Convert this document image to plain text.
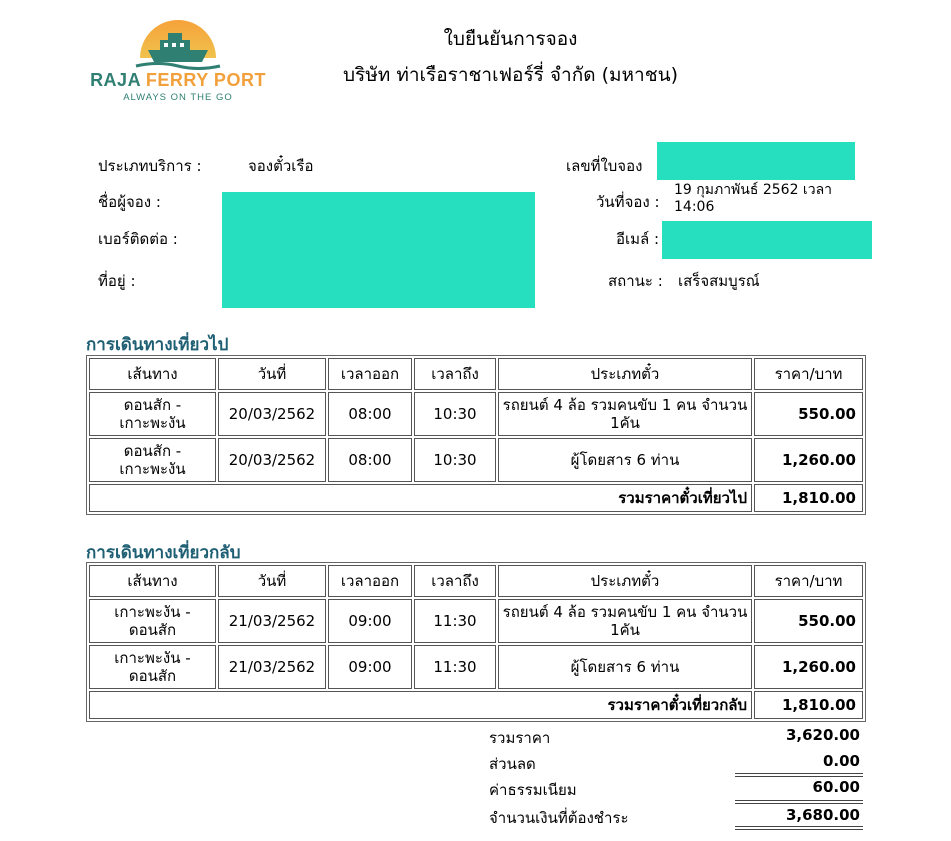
RAJA FERRY PORT
ALWAYS ON THE GO
ใบยืนยันการจอง
บริษัท ท่าเรือราชาเฟอร์รี่ จำกัด (มหาชน)
ประเภทบริการ :	จองตั๋วเรือ
ชื่อผู้จอง :
เบอร์ติดต่อ :
ที่อยู่ :
เลขที่ใบจอง
วันที่จอง :
19 กุมภาพันธ์ 2562 เวลา 14:06
อีเมล์ :
สถานะ : เสร็จสมบูรณ์
การเดินทางเที่ยวไป
เส้นทาง	วันที่	เวลาออก	เวลาถึง	ประเภทตั๋ว	ราคา/บาท
ดอนสัก - เกาะพะงัน	20/03/2562	08:00	10:30	รถยนต์ 4 ล้อ รวมคนขับ 1 คน จำนวน 1คัน	550.00
ดอนสัก - เกาะพะงัน	20/03/2562	08:00	10:30	ผู้โดยสาร 6 ท่าน	1,260.00
รวมราคาตั๋วเที่ยวไป					1,810.00
การเดินทางเที่ยวกลับ
เส้นทาง	วันที่	เวลาออก	เวลาถึง	ประเภทตั๋ว	ราคา/บาท
เกาะพะงัน - ดอนสัก	21/03/2562	09:00	11:30	รถยนต์ 4 ล้อ รวมคนขับ 1 คน จำนวน 1คัน	550.00
เกาะพะงัน - ดอนสัก	21/03/2562	09:00	11:30	ผู้โดยสาร 6 ท่าน	1,260.00
รวมราคาตั๋วเที่ยวกลับ					1,810.00
รวมราคา	3,620.00
ส่วนลด	0.00
ค่าธรรมเนียม	60.00
จำนวนเงินที่ต้องชำระ	3,680.00
